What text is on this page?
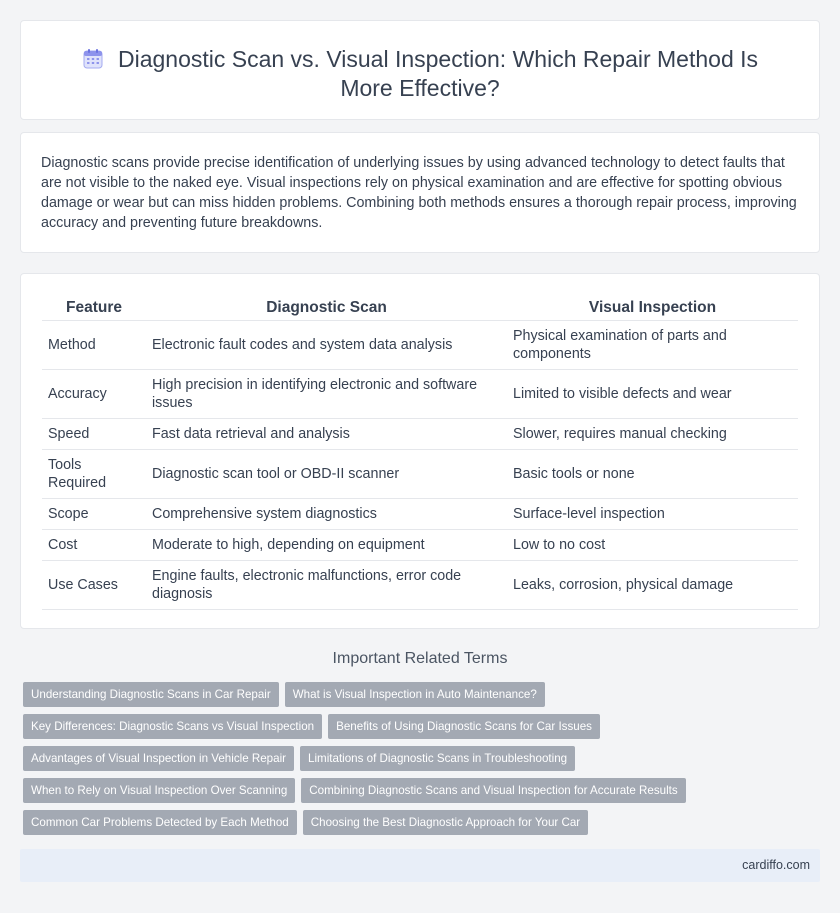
Diagnostic Scan vs. Visual Inspection: Which Repair Method Is More Effective?

Diagnostic scans provide precise identification of underlying issues by using advanced technology to detect faults that are not visible to the naked eye. Visual inspections rely on physical examination and are effective for spotting obvious damage or wear but can miss hidden problems. Combining both methods ensures a thorough repair process, improving accuracy and preventing future breakdowns.

Feature	Diagnostic Scan	Visual Inspection
Method	Electronic fault codes and system data analysis	Physical examination of parts and components
Accuracy	High precision in identifying electronic and software issues	Limited to visible defects and wear
Speed	Fast data retrieval and analysis	Slower, requires manual checking
Tools Required	Diagnostic scan tool or OBD-II scanner	Basic tools or none
Scope	Comprehensive system diagnostics	Surface-level inspection
Cost	Moderate to high, depending on equipment	Low to no cost
Use Cases	Engine faults, electronic malfunctions, error code diagnosis	Leaks, corrosion, physical damage
Important Related Terms
Understanding Diagnostic Scans in Car Repair What is Visual Inspection in Auto Maintenance?
Key Differences: Diagnostic Scans vs Visual Inspection Benefits of Using Diagnostic Scans for Car Issues
Advantages of Visual Inspection in Vehicle Repair Limitations of Diagnostic Scans in Troubleshooting
When to Rely on Visual Inspection Over Scanning Combining Diagnostic Scans and Visual Inspection for Accurate Results
Common Car Problems Detected by Each Method Choosing the Best Diagnostic Approach for Your Car
cardiffo.com
